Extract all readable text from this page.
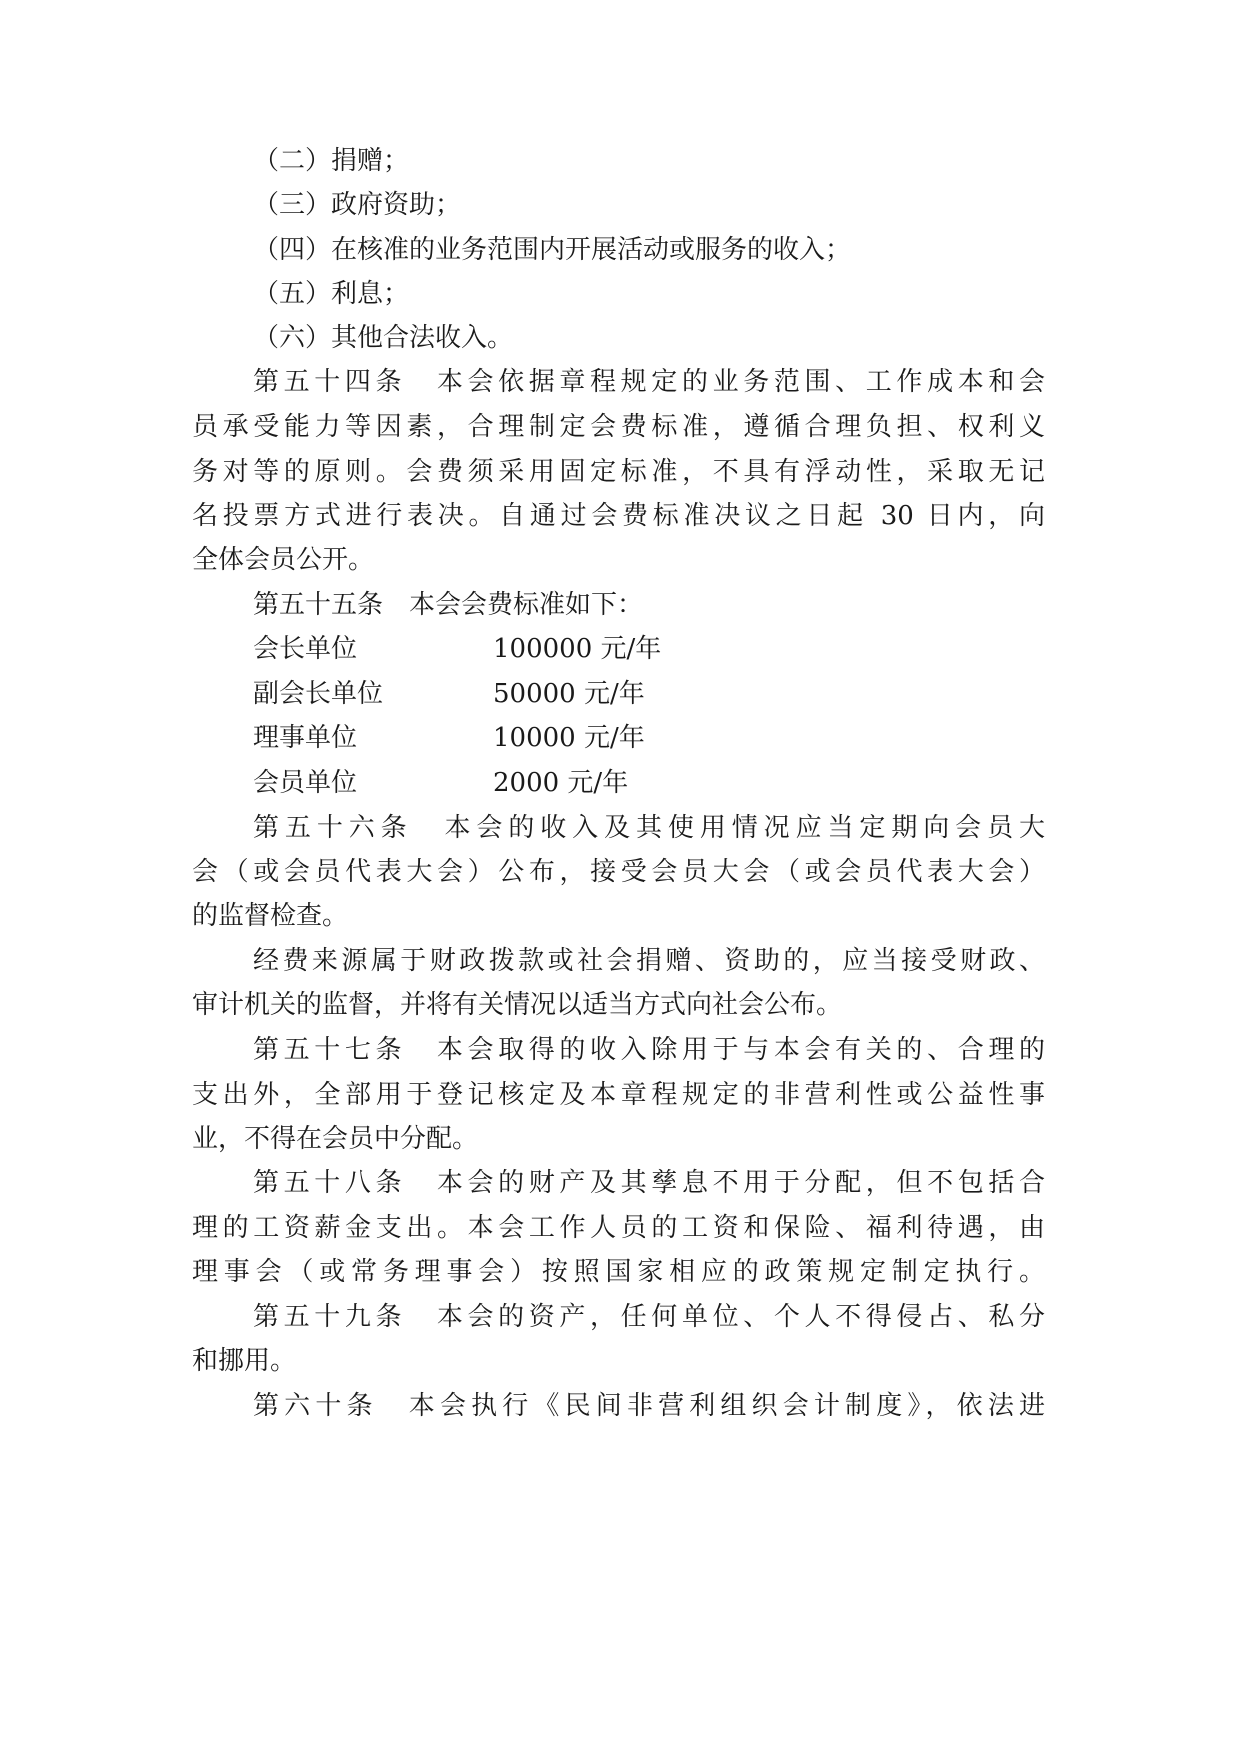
（二）捐赠；

（三）政府资助；

（四）在核准的业务范围内开展活动或服务的收入；

（五）利息；

（六）其他合法收入。

第五十四条　本会依据章程规定的业务范围、工作成本和会

员承受能力等因素，合理制定会费标准，遵循合理负担、权利义

务对等的原则。会费须采用固定标准，不具有浮动性，采取无记

名投票方式进行表决。自通过会费标准决议之日起 30 日内，向

全体会员公开。

第五十五条　本会会费标准如下：

会长单位	100000 元/年
副会长单位	50000 元/年
理事单位	10000 元/年
会员单位	2000 元/年

第五十六条　本会的收入及其使用情况应当定期向会员大

会（或会员代表大会）公布，接受会员大会（或会员代表大会）

的监督检查。

经费来源属于财政拨款或社会捐赠、资助的，应当接受财政、

审计机关的监督，并将有关情况以适当方式向社会公布。

第五十七条　本会取得的收入除用于与本会有关的、合理的

支出外，全部用于登记核定及本章程规定的非营利性或公益性事

业，不得在会员中分配。

第五十八条　本会的财产及其孳息不用于分配，但不包括合

理的工资薪金支出。本会工作人员的工资和保险、福利待遇，由

理事会（或常务理事会）按照国家相应的政策规定制定执行。

第五十九条　本会的资产，任何单位、个人不得侵占、私分

和挪用。

第六十条　本会执行《民间非营利组织会计制度》，依法进
